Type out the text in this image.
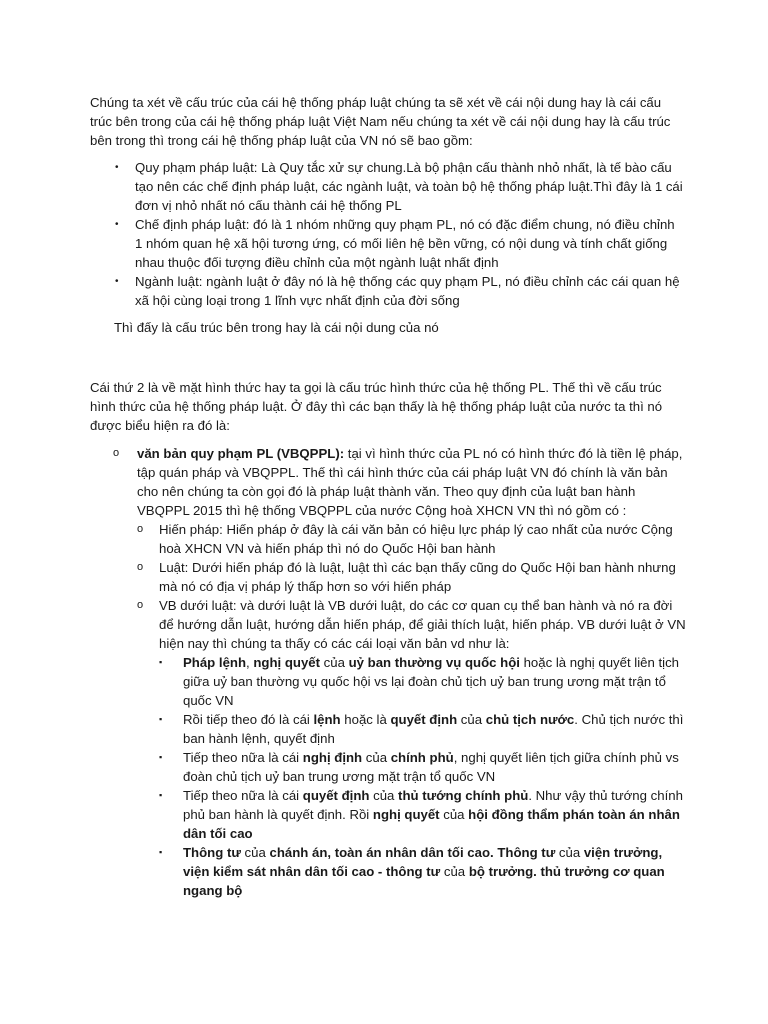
Chúng ta xét về cấu trúc của cái hệ thống pháp luật chúng ta sẽ xét về cái nội dung hay là cái cấu trúc bên trong của cái hệ thống pháp luật Việt Nam nếu chúng ta xét về cái nội dung hay là cấu trúc bên trong thì trong cái hệ thống pháp luật của VN nó sẽ bao gồm:

•	Quy phạm pháp luật: Là Quy tắc xử sự chung.Là bộ phận cấu thành nhỏ nhất, là tế bào cấu tạo nên các chế định pháp luật, các ngành luật, và toàn bộ hệ thống pháp luật.Thì đây là 1 cái đơn vị nhỏ nhất nó cấu thành cái hệ thống PL
•	Chế định pháp luật: đó là 1 nhóm những quy phạm PL, nó có đặc điểm chung, nó điều chỉnh 1 nhóm quan hệ xã hội tương ứng, có mối liên hệ bền vững, có nội dung và tính chất giống nhau thuộc đối tượng điều chỉnh của một ngành luật nhất định
•	Ngành luật: ngành luật ở đây nó là hệ thống các quy phạm PL, nó điều chỉnh các cái quan hệ xã hội cùng loại trong 1 lĩnh vực nhất định của đời sống

Thì đấy là cấu trúc bên trong hay là cái nội dung của nó

Cái thứ 2 là về mặt hình thức hay ta gọi là cấu trúc hình thức của hệ thống PL. Thế thì về cấu trúc hình thức của hệ thống pháp luật. Ở đây thì các bạn thấy là hệ thống pháp luật của nước ta thì nó được biểu hiện ra đó là:

o	văn bản quy phạm PL (VBQPPL): tại vì hình thức của PL nó có hình thức đó là tiền lệ pháp, tập quán pháp và VBQPPL. Thế thì cái hình thức của cái pháp luật VN đó chính là văn bản cho nên chúng ta còn gọi đó là pháp luật thành văn. Theo quy định của luật ban hành VBQPPL 2015 thì hệ thống VBQPPL của nước Cộng hoà XHCN VN thì nó gồm có :
o	Hiến pháp: Hiến pháp ở đây là cái văn bản có hiệu lực pháp lý cao nhất của nước Cộng hoà XHCN VN và hiến pháp thì nó do Quốc Hội ban hành
o	Luật: Dưới hiến pháp đó là luật, luật thì các bạn thấy cũng do Quốc Hội ban hành nhưng mà nó có địa vị pháp lý thấp hơn so với hiến pháp
o	VB dưới luật: và dưới luật là VB dưới luật, do các cơ quan cụ thể ban hành và nó ra đời để hướng dẫn luật, hướng dẫn hiến pháp, để giải thích luật, hiến pháp. VB dưới luật ở VN hiện nay thì chúng ta thấy có các cái loại văn bản vd như là:
▪	Pháp lệnh, nghị quyết của uỷ ban thường vụ quốc hội hoặc là nghị quyết liên tịch giữa uỷ ban thường vụ quốc hội vs lại đoàn chủ tịch uỷ ban trung ương mặt trận tổ quốc VN
▪	Rồi tiếp theo đó là cái lệnh hoặc là quyết định của chủ tịch nước. Chủ tịch nước thì ban hành lệnh, quyết định
▪	Tiếp theo nữa là cái nghị định của chính phủ, nghị quyết liên tịch giữa chính phủ vs đoàn chủ tịch uỷ ban trung ương mặt trận tổ quốc VN
▪	Tiếp theo nữa là cái quyết định của thủ tướng chính phủ. Như vậy thủ tướng chính phủ ban hành là quyết định. Rồi nghị quyết của hội đồng thẩm phán toàn án nhân dân tối cao
▪	Thông tư của chánh án, toàn án nhân dân tối cao. Thông tư của viện trưởng, viện kiểm sát nhân dân tối cao - thông tư của bộ trưởng. thủ trưởng cơ quan ngang bộ
